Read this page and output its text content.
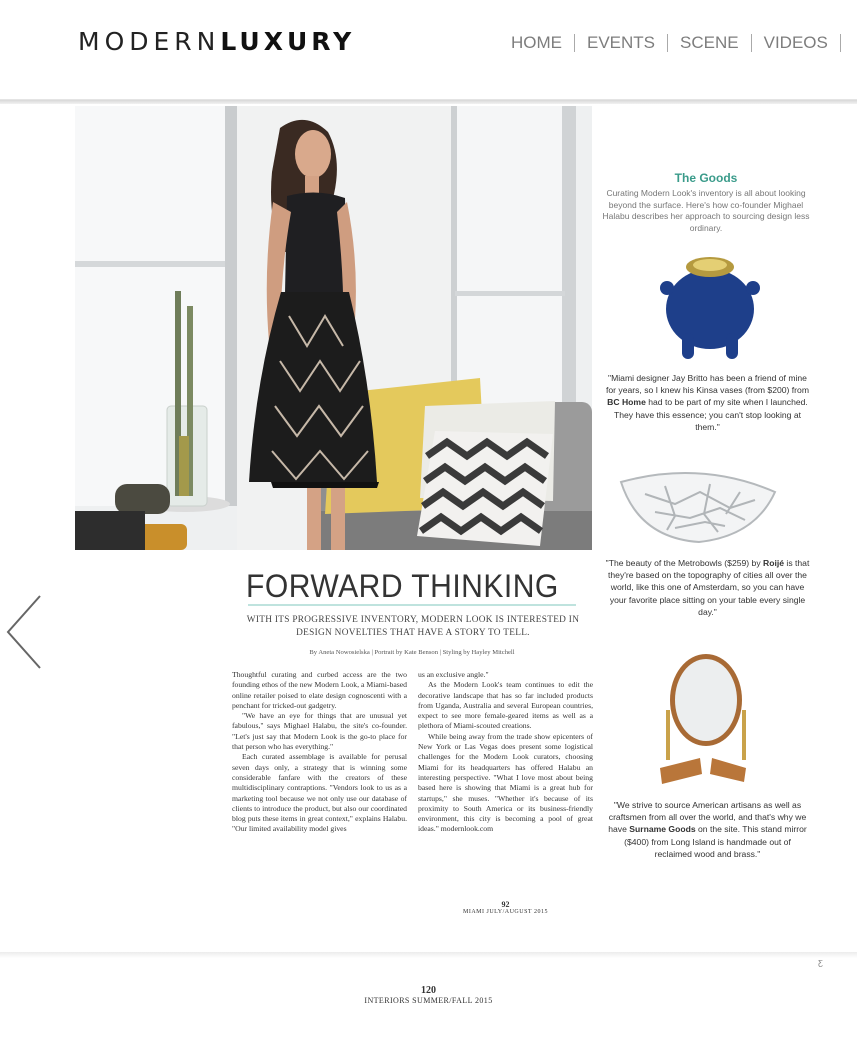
MODERNLUXURY	HOME EVENTS SCENE VIDEOS
The Goods
Curating Modern Look's inventory is all about looking beyond the surface. Here's how co-founder Mighael Halabu describes her approach to sourcing design less ordinary.
"Miami designer Jay Britto has been a friend of mine for years, so I knew his Kinsa vases (from $200) from BC Home had to be part of my site when I launched. They have this essence; you can't stop looking at them."
"The beauty of the Metrobowls ($259) by Roijé is that they're based on the topography of cities all over the world, like this one of Amsterdam, so you can have your favorite place sitting on your table every single day."
"We strive to source American artisans as well as craftsmen from all over the world, and that's why we have Surname Goods on the site. This stand mirror ($400) from Long Island is handmade out of reclaimed wood and brass."
FORWARD THINKING
WITH ITS PROGRESSIVE INVENTORY, MODERN LOOK IS INTERESTED IN DESIGN NOVELTIES THAT HAVE A STORY TO TELL.
By Aneta Nowosielska | Portrait by Kate Benson | Styling by Hayley Mitchell

Thoughtful curating and curbed access are the two founding ethos of the new Modern Look, a Miami-based online retailer poised to elate design cognoscenti with a penchant for tricked-out gadgetry.

"We have an eye for things that are unusual yet fabulous," says Mighael Halabu, the site's co-founder. "Let's just say that Modern Look is the go-to place for that person who has everything."

Each curated assemblage is available for perusal seven days only, a strategy that is winning some considerable fanfare with the creators of these multidisciplinary contraptions. "Vendors look to us as a marketing tool because we not only use our database of clients to introduce the product, but also our coordinated blog puts these items in great context," explains Halabu. "Our limited availability model gives

us an exclusive angle."

As the Modern Look's team continues to edit the decorative landscape that has so far included products from Uganda, Australia and several European countries, expect to see more female-geared items as well as a plethora of Miami-scouted creations.

While being away from the trade show epicenters of New York or Las Vegas does present some logistical challenges for the Modern Look curators, choosing Miami for its headquarters has offered Halabu an interesting perspective. "What I love most about being based here is showing that Miami is a great hub for startups," she muses. "Whether it's because of its proximity to South America or its business-friendly environment, this city is becoming a pool of great ideas." modernlook.com

92
MIAMI JULY/AUGUST 2015
ƹ
120
INTERIORS SUMMER/FALL 2015
